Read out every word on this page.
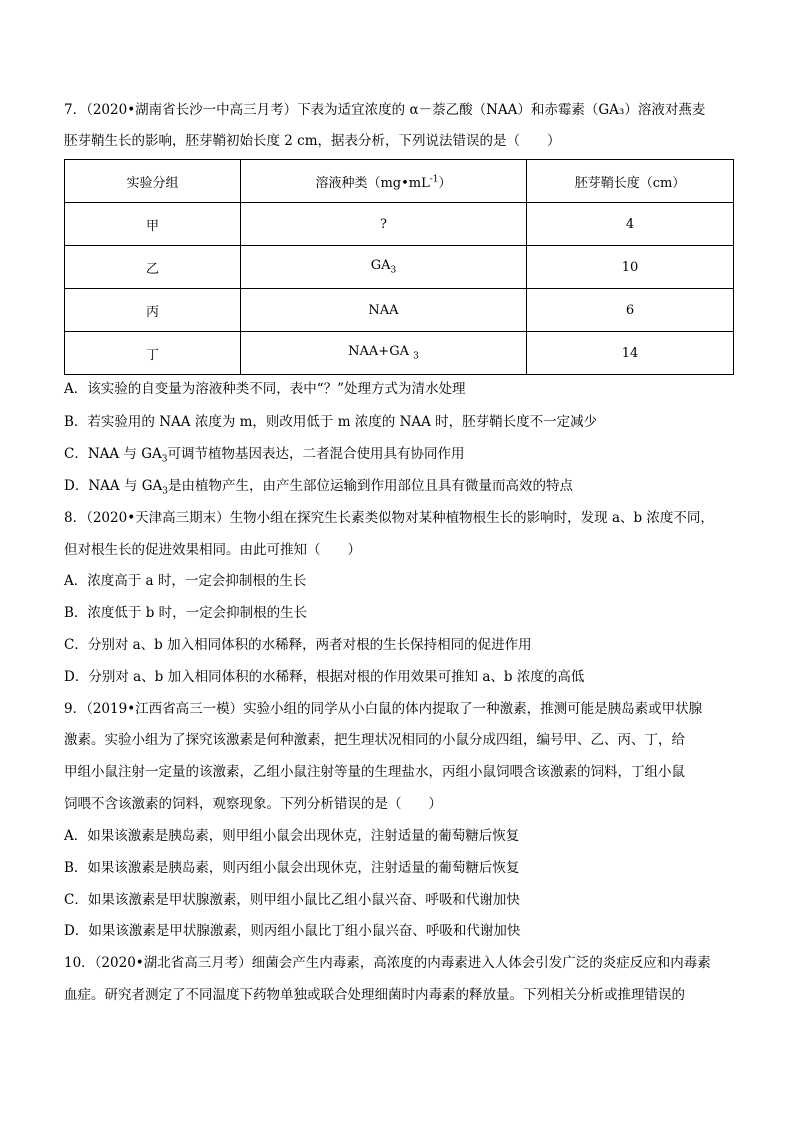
7．（2020•湖南省长沙一中高三月考）下表为适宜浓度的 α－萘乙酸（NAA）和赤霉素（GA₃）溶液对燕麦
胚芽鞘生长的影响，胚芽鞘初始长度 2 cm，据表分析，下列说法错误的是（　　）
实验分组	溶液种类$(mg•mL^{-1})$	胚芽鞘长度（cm）
甲	?	4
乙	$GA_3$	10
丙	NAA	6
丁	NAA+GA $_3$	14
A．该实验的自变量为溶液种类不同，表中“？”处理方式为清水处理
B．若实验用的 NAA 浓度为 m，则改用低于 m 浓度的 NAA 时，胚芽鞘长度不一定减少
C．NAA 与 $GA_3$可调节植物基因表达，二者混合使用具有协同作用
D．NAA 与 $GA_3$是由植物产生，由产生部位运输到作用部位且具有微量而高效的特点
8．（2020•天津高三期末）生物小组在探究生长素类似物对某种植物根生长的影响时，发现 a、b 浓度不同，
但对根生长的促进效果相同。由此可推知（　　）
A．浓度高于 a 时，一定会抑制根的生长
B．浓度低于 b 时，一定会抑制根的生长
C．分别对 a、b 加入相同体积的水稀释，两者对根的生长保持相同的促进作用
D．分别对 a、b 加入相同体积的水稀释，根据对根的作用效果可推知 a、b 浓度的高低
9．（2019•江西省高三一模）实验小组的同学从小白鼠的体内提取了一种激素，推测可能是胰岛素或甲状腺
激素。实验小组为了探究该激素是何种激素，把生理状况相同的小鼠分成四组，编号甲、乙、丙、丁，给
甲组小鼠注射一定量的该激素，乙组小鼠注射等量的生理盐水，丙组小鼠饲喂含该激素的饲料，丁组小鼠
饲喂不含该激素的饲料，观察现象。下列分析错误的是（　　）
A．如果该激素是胰岛素，则甲组小鼠会出现休克，注射适量的葡萄糖后恢复
B．如果该激素是胰岛素，则丙组小鼠会出现休克，注射适量的葡萄糖后恢复
C．如果该激素是甲状腺激素，则甲组小鼠比乙组小鼠兴奋、呼吸和代谢加快
D．如果该激素是甲状腺激素，则丙组小鼠比丁组小鼠兴奋、呼吸和代谢加快
10．（2020•湖北省高三月考）细菌会产生内毒素，高浓度的内毒素进入人体会引发广泛的炎症反应和内毒素
血症。研究者测定了不同温度下药物单独或联合处理细菌时内毒素的释放量。下列相关分析或推理错误的
